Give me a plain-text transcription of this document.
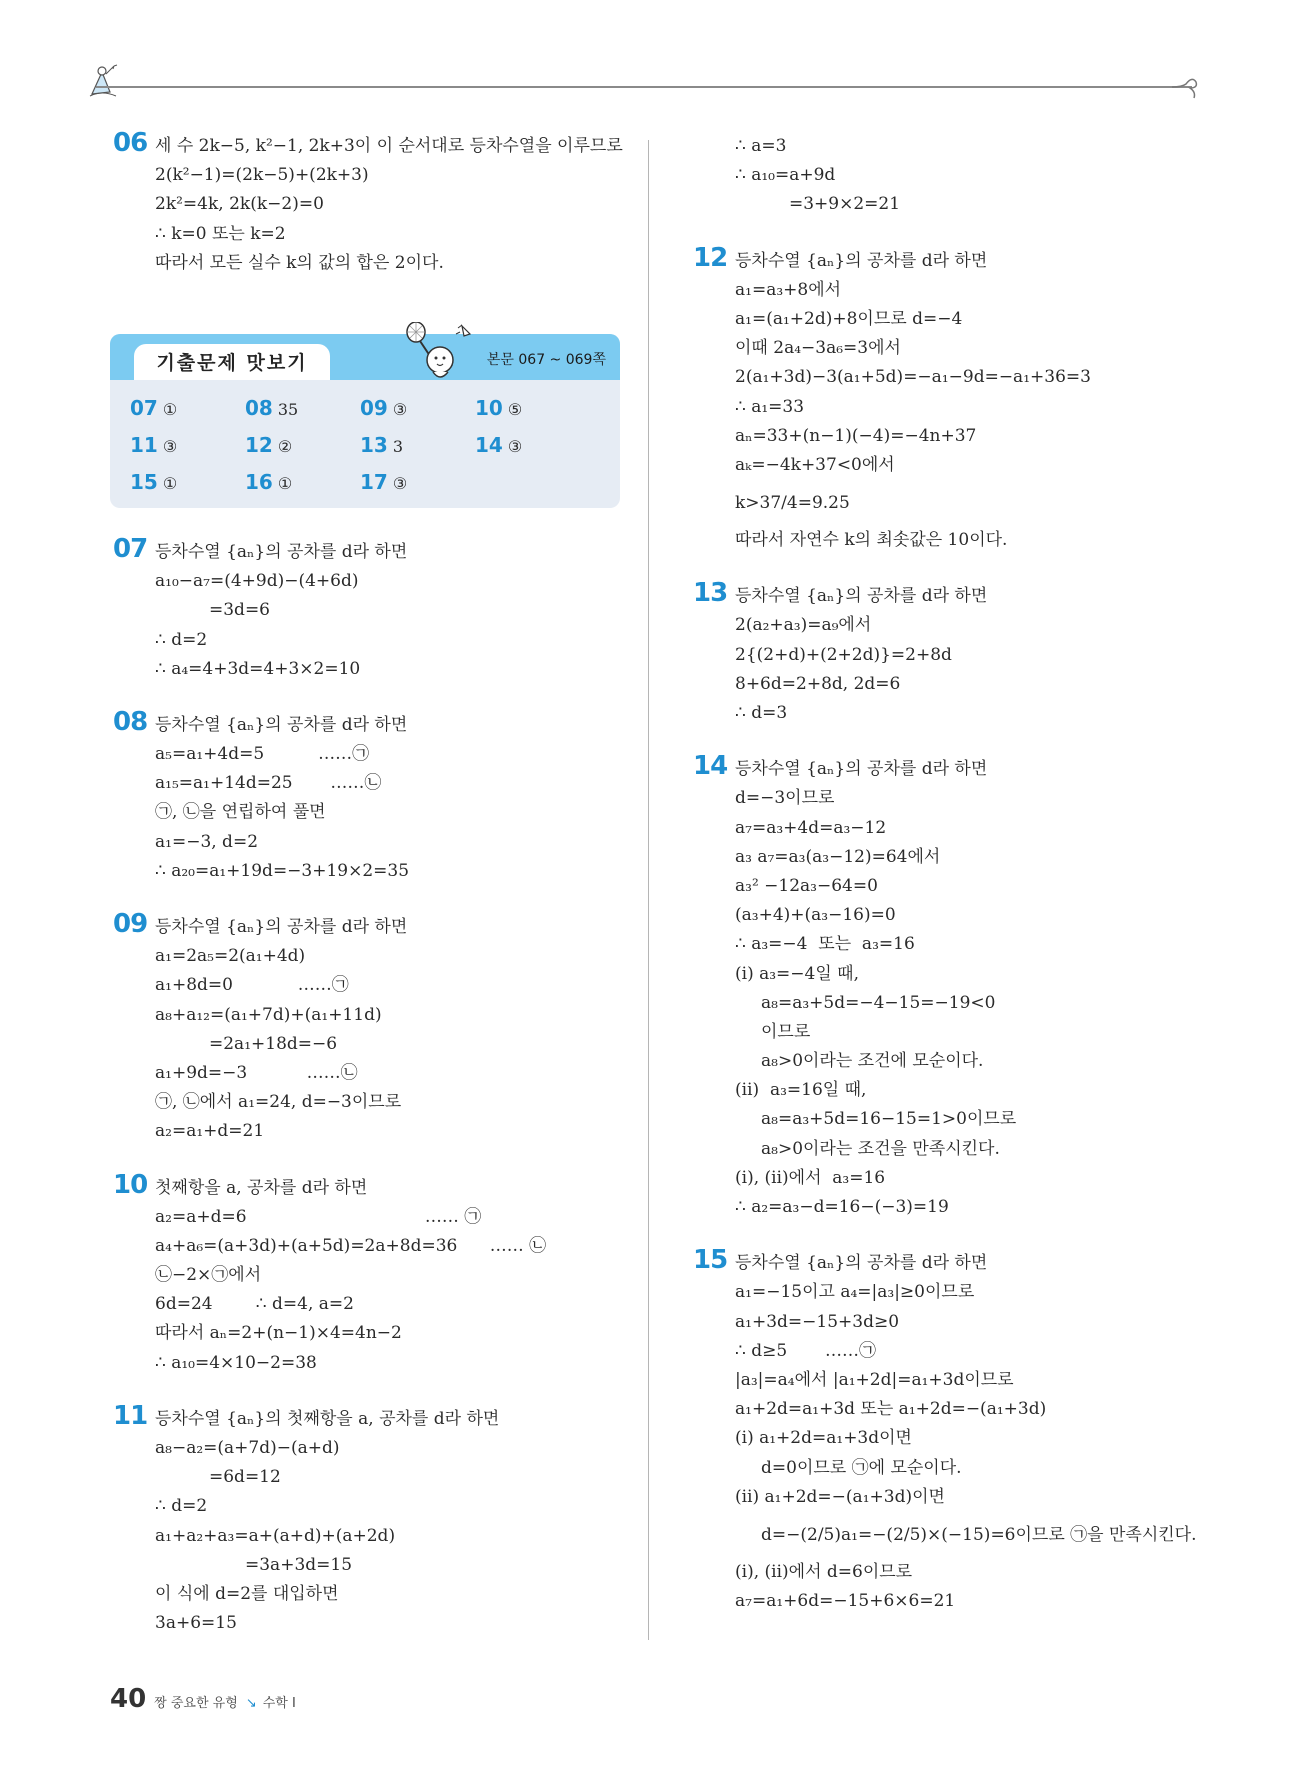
06 세 수 2k−5, k²−1, 2k+3이 이 순서대로 등차수열을 이루므로
2(k²−1)=(2k−5)+(2k+3)
2k²=4k, 2k(k−2)=0
∴ k=0 또는 k=2
따라서 모든 실수 k의 값의 합은 2이다.
기출문제 맛보기	본문 067 ~ 069쪽
07 ①	08 35	09 ③	10 ⑤
11 ③	12 ②	13 3	14 ③
15 ①	16 ①	17 ③
07 등차수열 {aₙ}의 공차를 d라 하면
a₁₀−a₇=(4+9d)−(4+6d)
=3d=6
∴ d=2
∴ a₄=4+3d=4+3×2=10
08 등차수열 {aₙ}의 공차를 d라 하면
a₅=a₁+4d=5          ……㉠
a₁₅=a₁+14d=25       ……㉡
㉠, ㉡을 연립하여 풀면
a₁=−3, d=2
∴ a₂₀=a₁+19d=−3+19×2=35
09 등차수열 {aₙ}의 공차를 d라 하면
a₁=2a₅=2(a₁+4d)
a₁+8d=0            ……㉠
a₈+a₁₂=(a₁+7d)+(a₁+11d)
=2a₁+18d=−6
a₁+9d=−3           ……㉡
㉠, ㉡에서 a₁=24, d=−3이므로
a₂=a₁+d=21
10 첫째항을 a, 공차를 d라 하면
a₂=a+d=6                                 …… ㉠
a₄+a₆=(a+3d)+(a+5d)=2a+8d=36      …… ㉡
㉡−2×㉠에서
6d=24        ∴ d=4, a=2
따라서 aₙ=2+(n−1)×4=4n−2
∴ a₁₀=4×10−2=38
11 등차수열 {aₙ}의 첫째항을 a, 공차를 d라 하면
a₈−a₂=(a+7d)−(a+d)
=6d=12
∴ d=2
a₁+a₂+a₃=a+(a+d)+(a+2d)
=3a+3d=15
이 식에 d=2를 대입하면
3a+6=15
∴ a=3
∴ a₁₀=a+9d
=3+9×2=21
12 등차수열 {aₙ}의 공차를 d라 하면
a₁=a₃+8에서
a₁=(a₁+2d)+8이므로 d=−4
이때 2a₄−3a₆=3에서
2(a₁+3d)−3(a₁+5d)=−a₁−9d=−a₁+36=3
∴ a₁=33
aₙ=33+(n−1)(−4)=−4n+37
aₖ=−4k+37<0에서
k>37/4=9.25
따라서 자연수 k의 최솟값은 10이다.
13 등차수열 {aₙ}의 공차를 d라 하면
2(a₂+a₃)=a₉에서
2{(2+d)+(2+2d)}=2+8d
8+6d=2+8d, 2d=6
∴ d=3
14 등차수열 {aₙ}의 공차를 d라 하면
d=−3이므로
a₇=a₃+4d=a₃−12
a₃ a₇=a₃(a₃−12)=64에서
a₃² −12a₃−64=0
(a₃+4)+(a₃−16)=0
∴ a₃=−4  또는  a₃=16
(ⅰ) a₃=−4일 때,
a₈=a₃+5d=−4−15=−19<0
이므로
a₈>0이라는 조건에 모순이다.
(ⅱ)  a₃=16일 때,
a₈=a₃+5d=16−15=1>0이므로
a₈>0이라는 조건을 만족시킨다.
(ⅰ), (ⅱ)에서  a₃=16
∴ a₂=a₃−d=16−(−3)=19
15 등차수열 {aₙ}의 공차를 d라 하면
a₁=−15이고 a₄=|a₃|≥0이므로
a₁+3d=−15+3d≥0
∴ d≥5       ……㉠
|a₃|=a₄에서 |a₁+2d|=a₁+3d이므로
a₁+2d=a₁+3d 또는 a₁+2d=−(a₁+3d)
(ⅰ) a₁+2d=a₁+3d이면
d=0이므로 ㉠에 모순이다.
(ⅱ) a₁+2d=−(a₁+3d)이면
d=−(2/5)a₁=−(2/5)×(−15)=6이므로 ㉠을 만족시킨다.
(ⅰ), (ⅱ)에서 d=6이므로
a₇=a₁+6d=−15+6×6=21
40 짱 중요한 유형 ↘ 수학 Ⅰ
